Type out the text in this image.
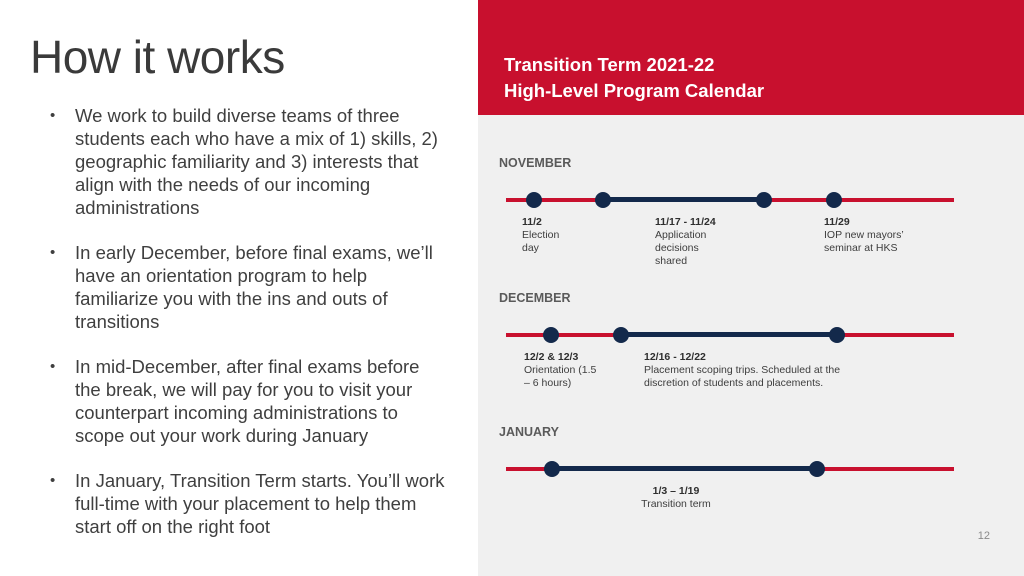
How it works
• We work to build diverse teams of three students each who have a mix of 1) skills, 2) geographic familiarity and 3) interests that align with the needs of our incoming administrations
• In early December, before final exams, we’ll have an orientation program to help familiarize you with the ins and outs of transitions
• In mid-December, after final exams before the break, we will pay for you to visit your counterpart incoming administrations to scope out your work during January
• In January, Transition Term starts. You’ll work full-time with your placement to help them start off on the right foot
Transition Term 2021-22
High-Level Program Calendar
NOVEMBER
11/2
Election
day
11/17 - 11/24
Application
decisions
shared
11/29
IOP new mayors’
seminar at HKS
DECEMBER
12/2 & 12/3
Orientation (1.5
– 6 hours)
12/16 - 12/22
Placement scoping trips. Scheduled at the
discretion of students and placements.
JANUARY
1/3 – 1/19
Transition term
12
